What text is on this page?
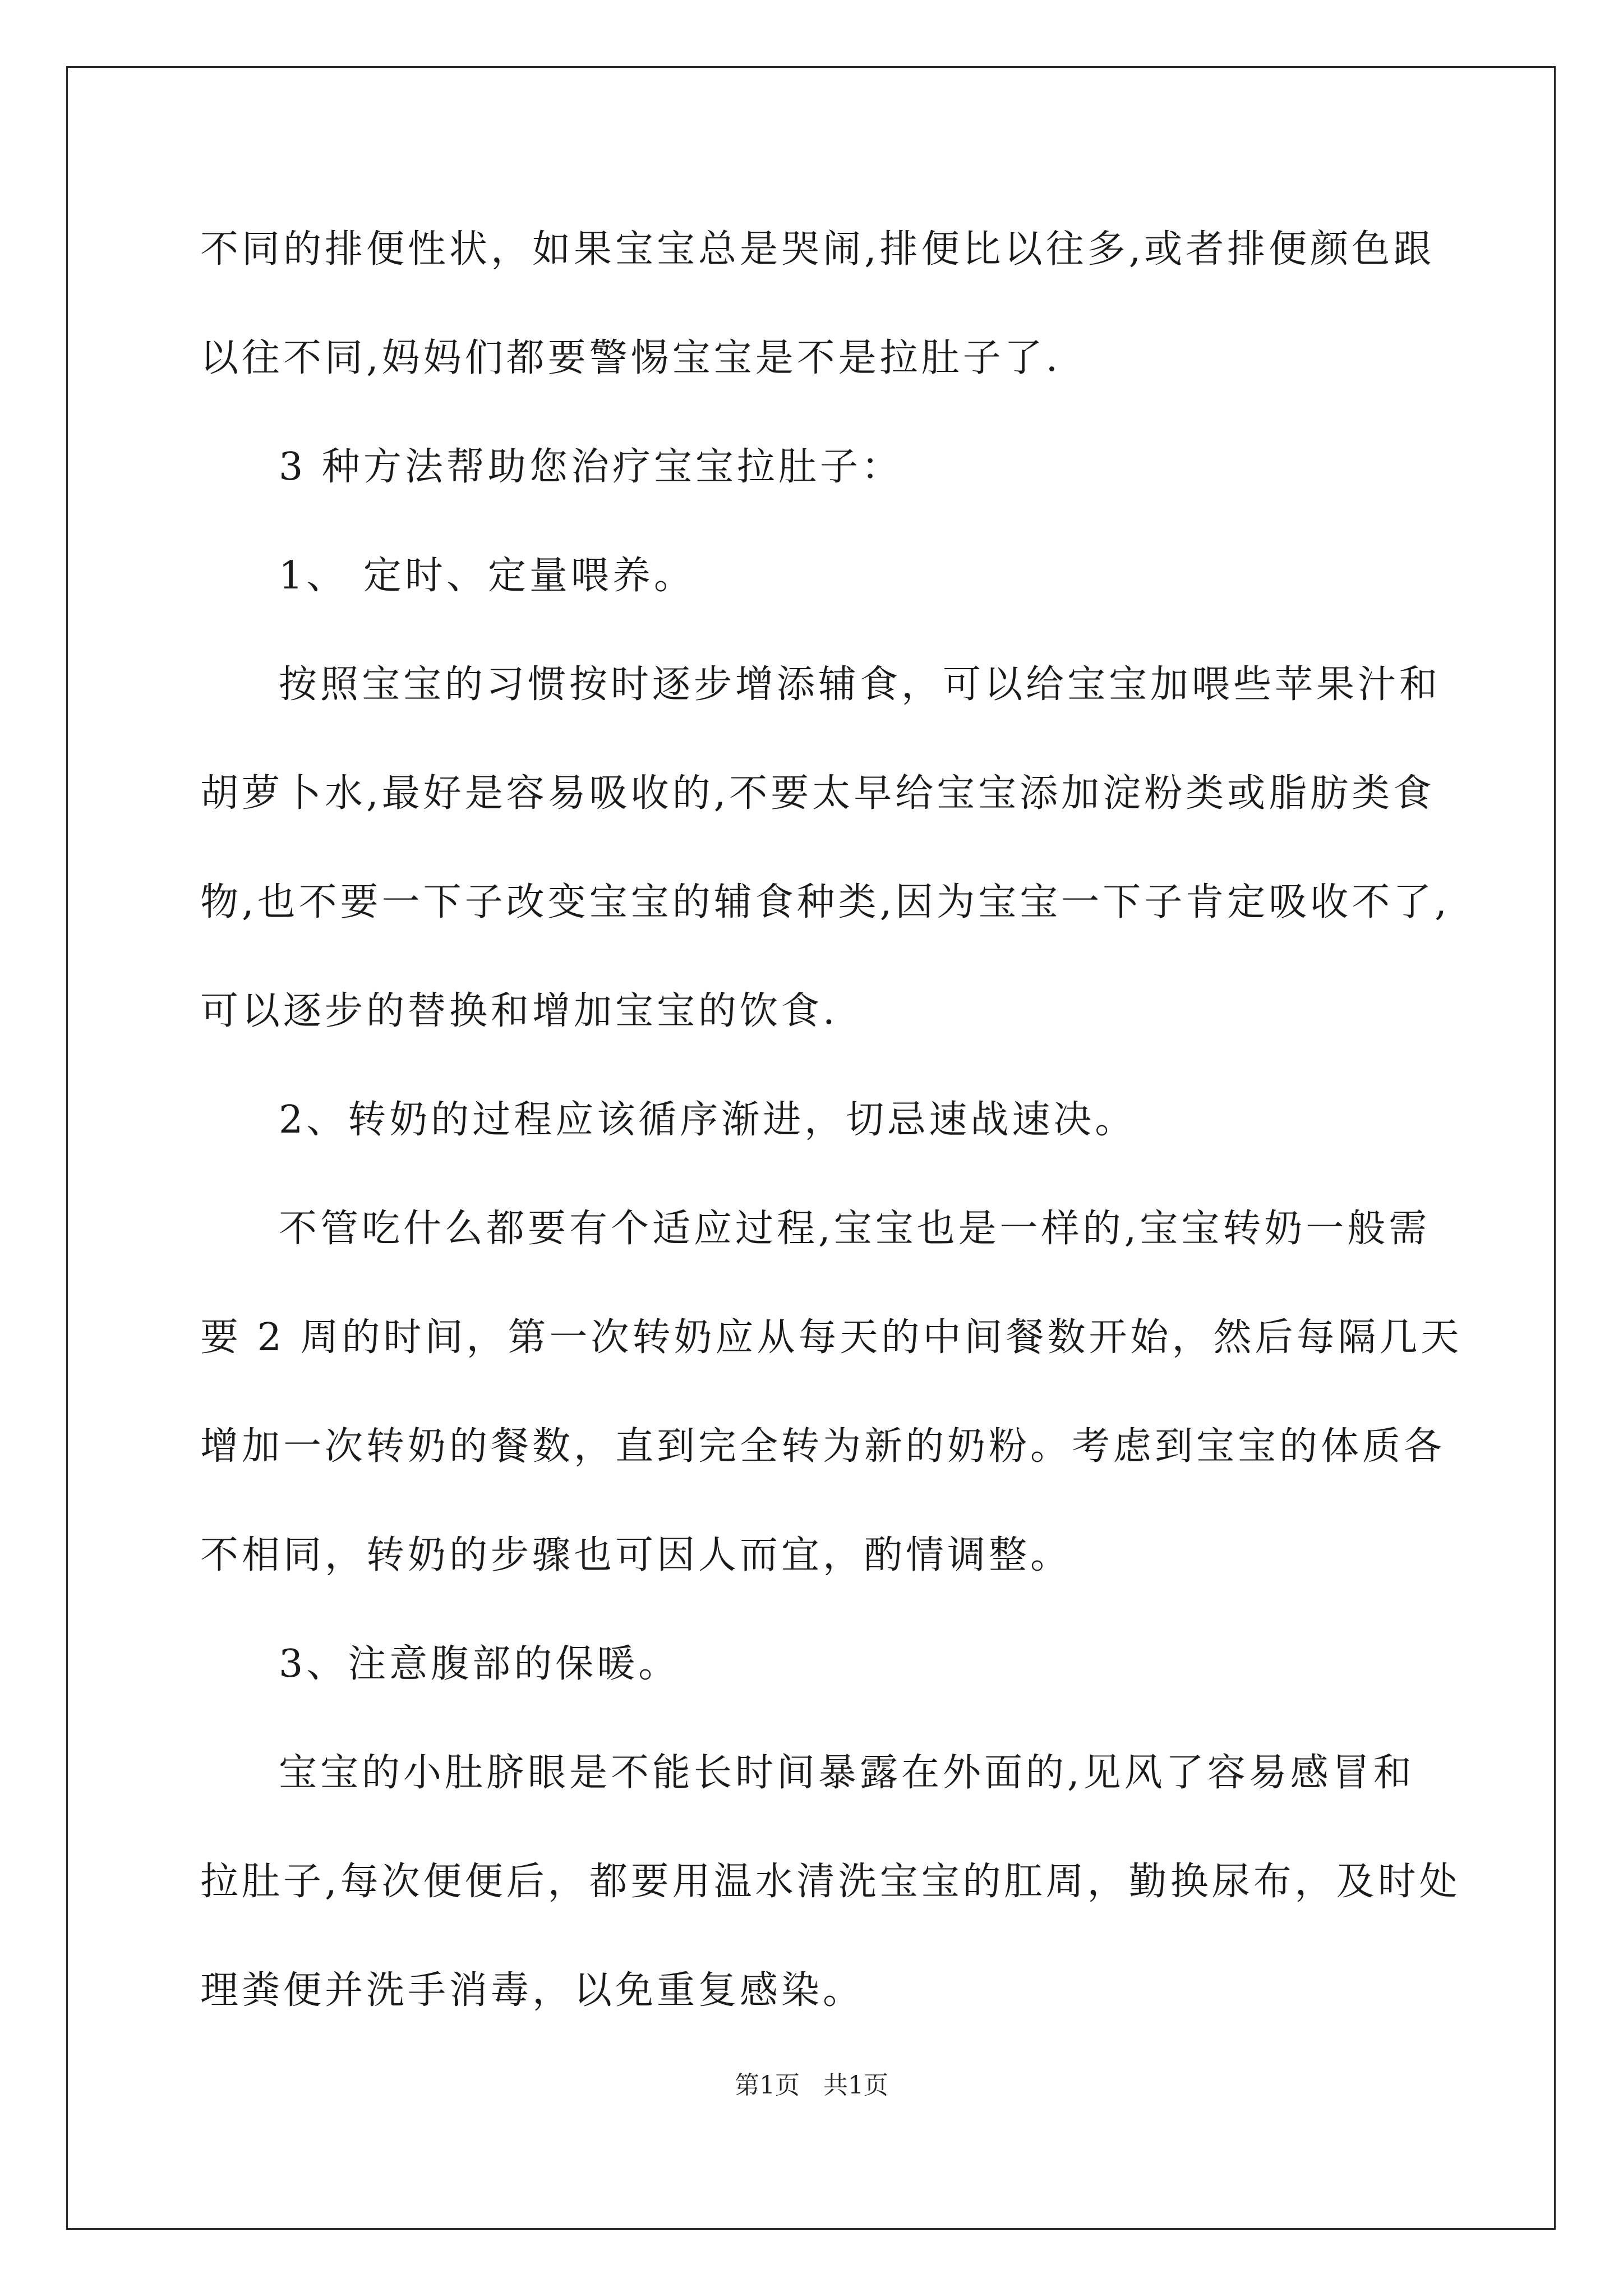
不同的排便性状，如果宝宝总是哭闹,排便比以往多,或者排便颜色跟
以往不同,妈妈们都要警惕宝宝是不是拉肚子了.
3 种方法帮助您治疗宝宝拉肚子：
1、 定时、定量喂养。
按照宝宝的习惯按时逐步增添辅食，可以给宝宝加喂些苹果汁和
胡萝卜水,最好是容易吸收的,不要太早给宝宝添加淀粉类或脂肪类食
物,也不要一下子改变宝宝的辅食种类,因为宝宝一下子肯定吸收不了,
可以逐步的替换和增加宝宝的饮食.
2、转奶的过程应该循序渐进，切忌速战速决。
不管吃什么都要有个适应过程,宝宝也是一样的,宝宝转奶一般需
要 2 周的时间，第一次转奶应从每天的中间餐数开始，然后每隔几天
增加一次转奶的餐数，直到完全转为新的奶粉。考虑到宝宝的体质各
不相同，转奶的步骤也可因人而宜，酌情调整。
3、注意腹部的保暖。
宝宝的小肚脐眼是不能长时间暴露在外面的,见风了容易感冒和
拉肚子,每次便便后，都要用温水清洗宝宝的肛周，勤换尿布，及时处
理粪便并洗手消毒，以免重复感染。
第1页   共1页
